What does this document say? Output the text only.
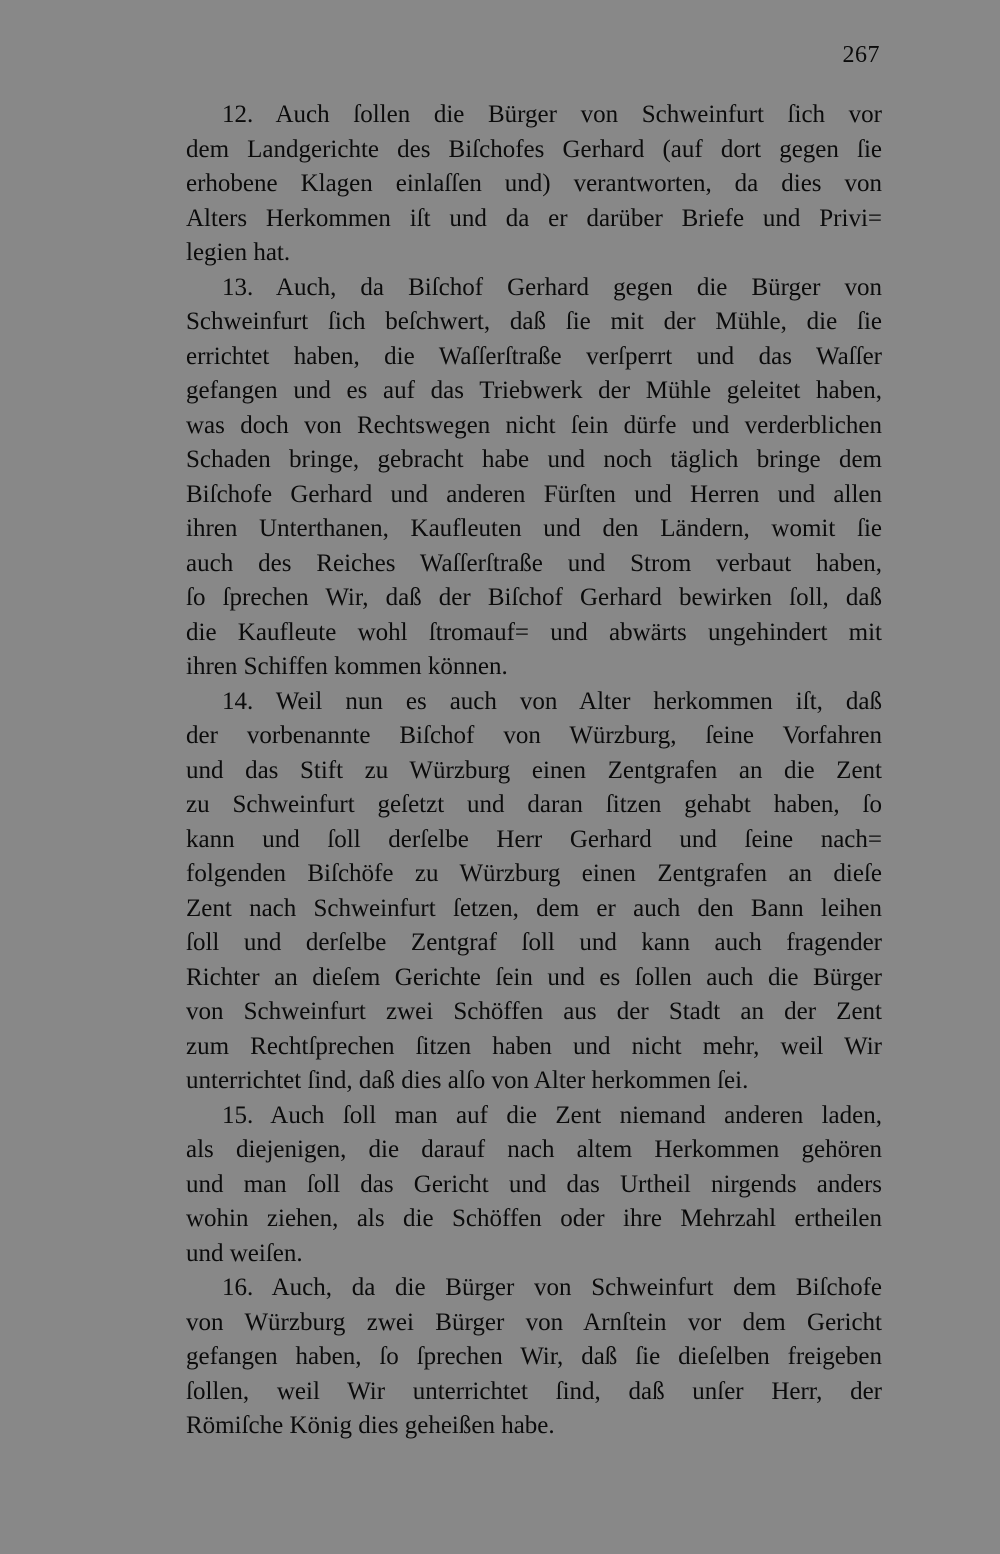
267
12. Auch ſollen die Bürger von Schweinfurt ſich vor
dem Landgerichte des Biſchofes Gerhard (auf dort gegen ſie
erhobene Klagen einlaſſen und) verantworten, da dies von
Alters Herkommen iſt und da er darüber Briefe und Privi=
legien hat.
13. Auch, da Biſchof Gerhard gegen die Bürger von
Schweinfurt ſich beſchwert, daß ſie mit der Mühle, die ſie
errichtet haben, die Waſſerſtraße verſperrt und das Waſſer
gefangen und es auf das Triebwerk der Mühle geleitet haben,
was doch von Rechtswegen nicht ſein dürfe und verderblichen
Schaden bringe, gebracht habe und noch täglich bringe dem
Biſchofe Gerhard und anderen Fürſten und Herren und allen
ihren Unterthanen, Kaufleuten und den Ländern, womit ſie
auch des Reiches Waſſerſtraße und Strom verbaut haben,
ſo ſprechen Wir, daß der Biſchof Gerhard bewirken ſoll, daß
die Kaufleute wohl ſtromauf= und abwärts ungehindert mit
ihren Schiffen kommen können.
14. Weil nun es auch von Alter herkommen iſt, daß
der vorbenannte Biſchof von Würzburg, ſeine Vorfahren
und das Stift zu Würzburg einen Zentgrafen an die Zent
zu Schweinfurt geſetzt und daran ſitzen gehabt haben, ſo
kann und ſoll derſelbe Herr Gerhard und ſeine nach=
folgenden Biſchöfe zu Würzburg einen Zentgrafen an dieſe
Zent nach Schweinfurt ſetzen, dem er auch den Bann leihen
ſoll und derſelbe Zentgraf ſoll und kann auch fragender
Richter an dieſem Gerichte ſein und es ſollen auch die Bürger
von Schweinfurt zwei Schöffen aus der Stadt an der Zent
zum Rechtſprechen ſitzen haben und nicht mehr, weil Wir
unterrichtet ſind, daß dies alſo von Alter herkommen ſei.
15. Auch ſoll man auf die Zent niemand anderen laden,
als diejenigen, die darauf nach altem Herkommen gehören
und man ſoll das Gericht und das Urtheil nirgends anders
wohin ziehen, als die Schöffen oder ihre Mehrzahl ertheilen
und weiſen.
16. Auch, da die Bürger von Schweinfurt dem Biſchofe
von Würzburg zwei Bürger von Arnſtein vor dem Gericht
gefangen haben, ſo ſprechen Wir, daß ſie dieſelben freigeben
ſollen, weil Wir unterrichtet ſind, daß unſer Herr, der
Römiſche König dies geheißen habe.
